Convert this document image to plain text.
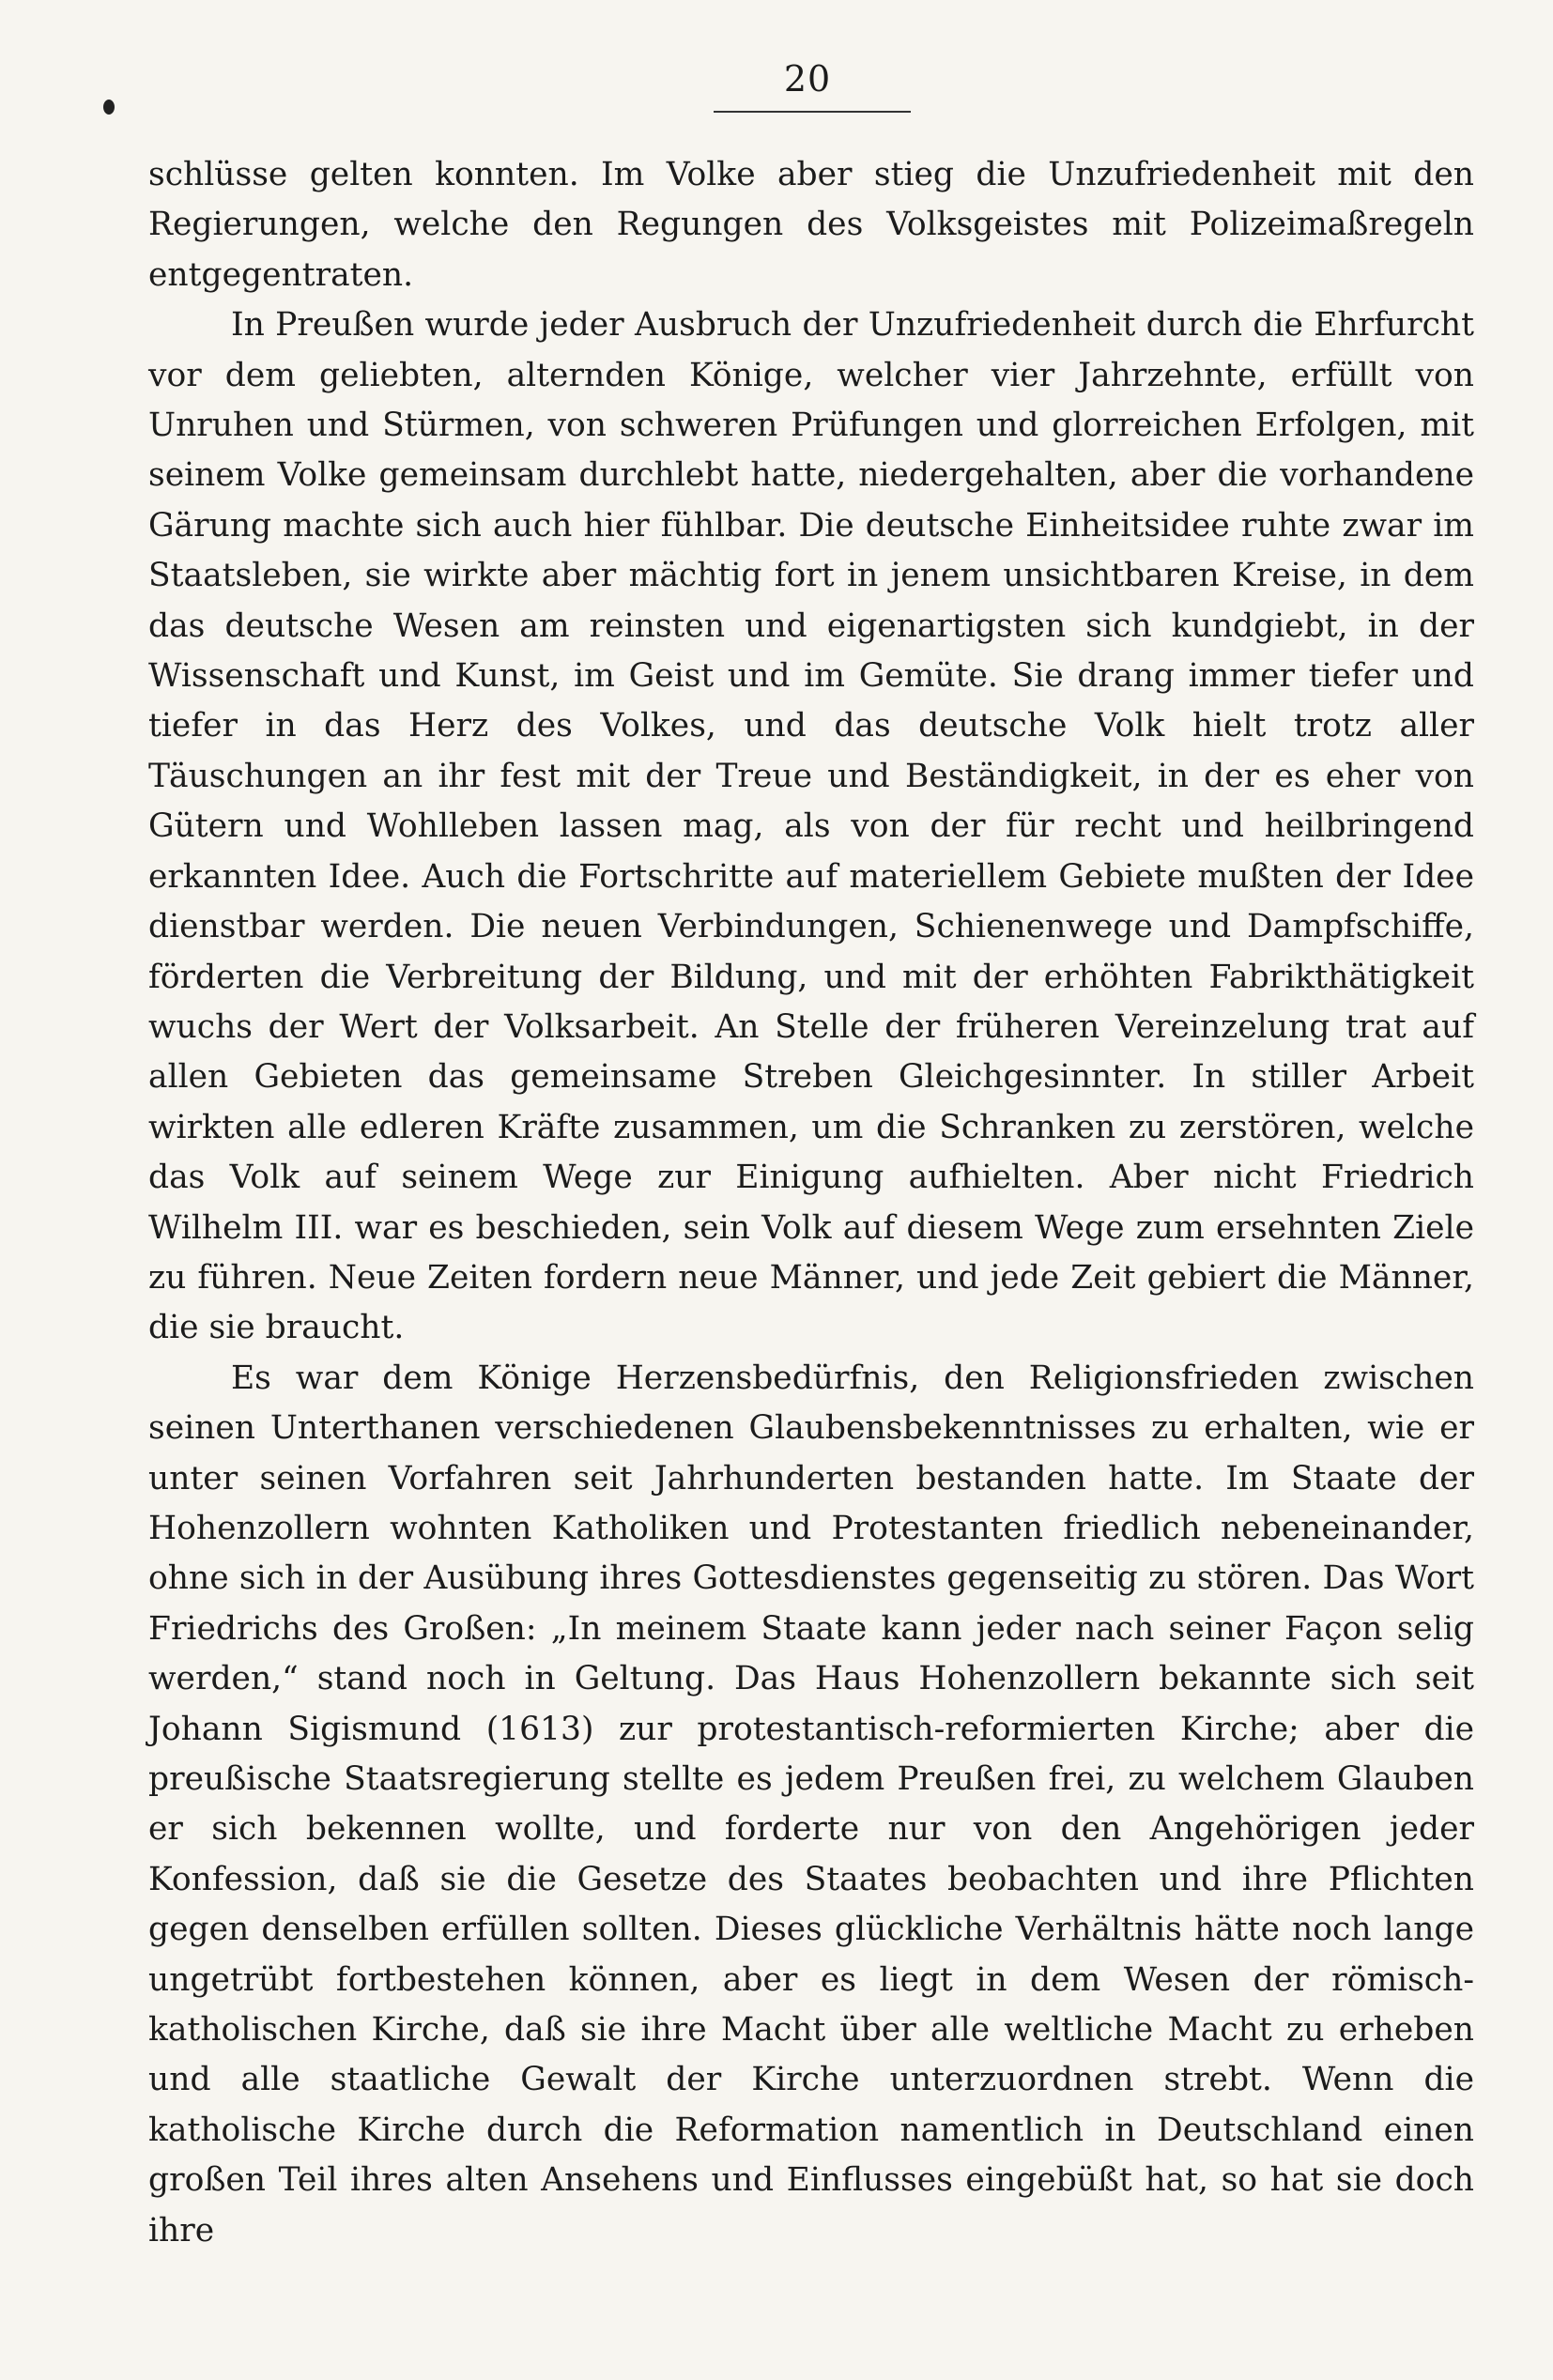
20

schlüsse gelten konnten. Im Volke aber stieg die Unzufriedenheit mit den Regierungen, welche den Regungen des Volksgeistes mit Polizeimaßregeln entgegentraten.

In Preußen wurde jeder Ausbruch der Unzufriedenheit durch die Ehrfurcht vor dem geliebten, alternden Könige, welcher vier Jahrzehnte, erfüllt von Unruhen und Stürmen, von schweren Prüfungen und glorreichen Erfolgen, mit seinem Volke gemeinsam durchlebt hatte, niedergehalten, aber die vorhandene Gärung machte sich auch hier fühlbar. Die deutsche Einheitsidee ruhte zwar im Staatsleben, sie wirkte aber mächtig fort in jenem unsichtbaren Kreise, in dem das deutsche Wesen am reinsten und eigenartigsten sich kundgiebt, in der Wissenschaft und Kunst, im Geist und im Gemüte. Sie drang immer tiefer und tiefer in das Herz des Volkes, und das deutsche Volk hielt trotz aller Täuschungen an ihr fest mit der Treue und Beständigkeit, in der es eher von Gütern und Wohlleben lassen mag, als von der für recht und heilbringend erkannten Idee. Auch die Fortschritte auf materiellem Gebiete mußten der Idee dienstbar werden. Die neuen Verbindungen, Schienenwege und Dampfschiffe, förderten die Verbreitung der Bildung, und mit der erhöhten Fabrikthätigkeit wuchs der Wert der Volksarbeit. An Stelle der früheren Vereinzelung trat auf allen Gebieten das gemeinsame Streben Gleichgesinnter. In stiller Arbeit wirkten alle edleren Kräfte zusammen, um die Schranken zu zerstören, welche das Volk auf seinem Wege zur Einigung aufhielten. Aber nicht Friedrich Wilhelm III. war es beschieden, sein Volk auf diesem Wege zum ersehnten Ziele zu führen. Neue Zeiten fordern neue Männer, und jede Zeit gebiert die Männer, die sie braucht.

Es war dem Könige Herzensbedürfnis, den Religionsfrieden zwischen seinen Unterthanen verschiedenen Glaubensbekenntnisses zu erhalten, wie er unter seinen Vorfahren seit Jahrhunderten bestanden hatte. Im Staate der Hohenzollern wohnten Katholiken und Protestanten friedlich nebeneinander, ohne sich in der Ausübung ihres Gottesdienstes gegenseitig zu stören. Das Wort Friedrichs des Großen: „In meinem Staate kann jeder nach seiner Façon selig werden,“ stand noch in Geltung. Das Haus Hohenzollern bekannte sich seit Johann Sigismund (1613) zur protestantisch-reformierten Kirche; aber die preußische Staatsregierung stellte es jedem Preußen frei, zu welchem Glauben er sich bekennen wollte, und forderte nur von den Angehörigen jeder Konfession, daß sie die Gesetze des Staates beobachten und ihre Pflichten gegen denselben erfüllen sollten. Dieses glückliche Verhältnis hätte noch lange ungetrübt fortbestehen können, aber es liegt in dem Wesen der römisch-katholischen Kirche, daß sie ihre Macht über alle weltliche Macht zu erheben und alle staatliche Gewalt der Kirche unterzuordnen strebt. Wenn die katholische Kirche durch die Reformation namentlich in Deutschland einen großen Teil ihres alten Ansehens und Einflusses eingebüßt hat, so hat sie doch ihre
